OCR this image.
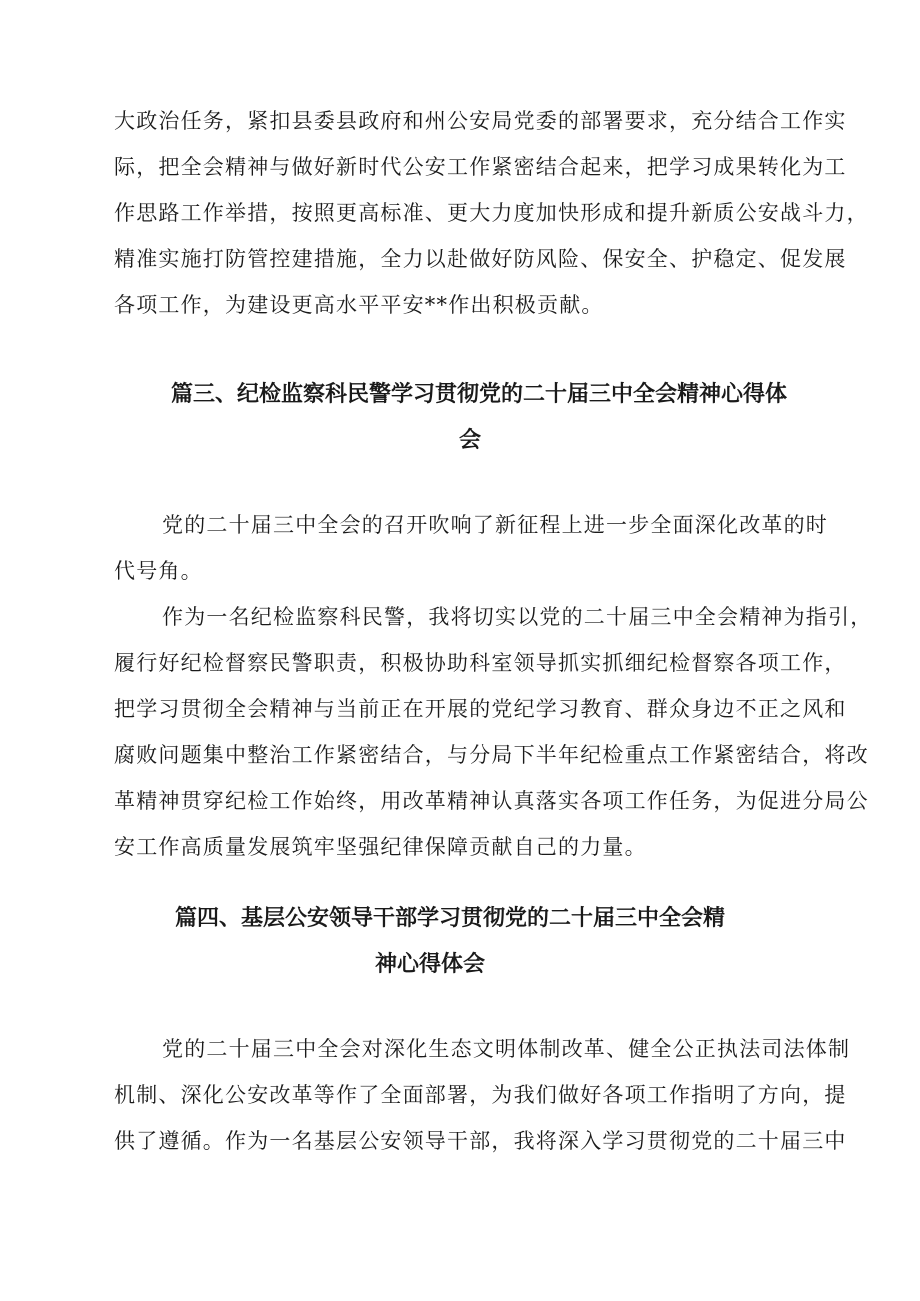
大政治任务，紧扣县委县政府和州公安局党委的部署要求，充分结合工作实
际，把全会精神与做好新时代公安工作紧密结合起来，把学习成果转化为工
作思路工作举措，按照更高标准、更大力度加快形成和提升新质公安战斗力，
精准实施打防管控建措施，全力以赴做好防风险、保安全、护稳定、促发展
各项工作，为建设更高水平平安**作出积极贡献。
篇三、纪检监察科民警学习贯彻党的二十届三中全会精神心得体
会
党的二十届三中全会的召开吹响了新征程上进一步全面深化改革的时
代号角。
作为一名纪检监察科民警，我将切实以党的二十届三中全会精神为指引，
履行好纪检督察民警职责，积极协助科室领导抓实抓细纪检督察各项工作，
把学习贯彻全会精神与当前正在开展的党纪学习教育、群众身边不正之风和
腐败问题集中整治工作紧密结合，与分局下半年纪检重点工作紧密结合，将改
革精神贯穿纪检工作始终，用改革精神认真落实各项工作任务，为促进分局公
安工作高质量发展筑牢坚强纪律保障贡献自己的力量。
篇四、基层公安领导干部学习贯彻党的二十届三中全会精
神心得体会
党的二十届三中全会对深化生态文明体制改革、健全公正执法司法体制
机制、深化公安改革等作了全面部署，为我们做好各项工作指明了方向，提
供了遵循。作为一名基层公安领导干部，我将深入学习贯彻党的二十届三中
